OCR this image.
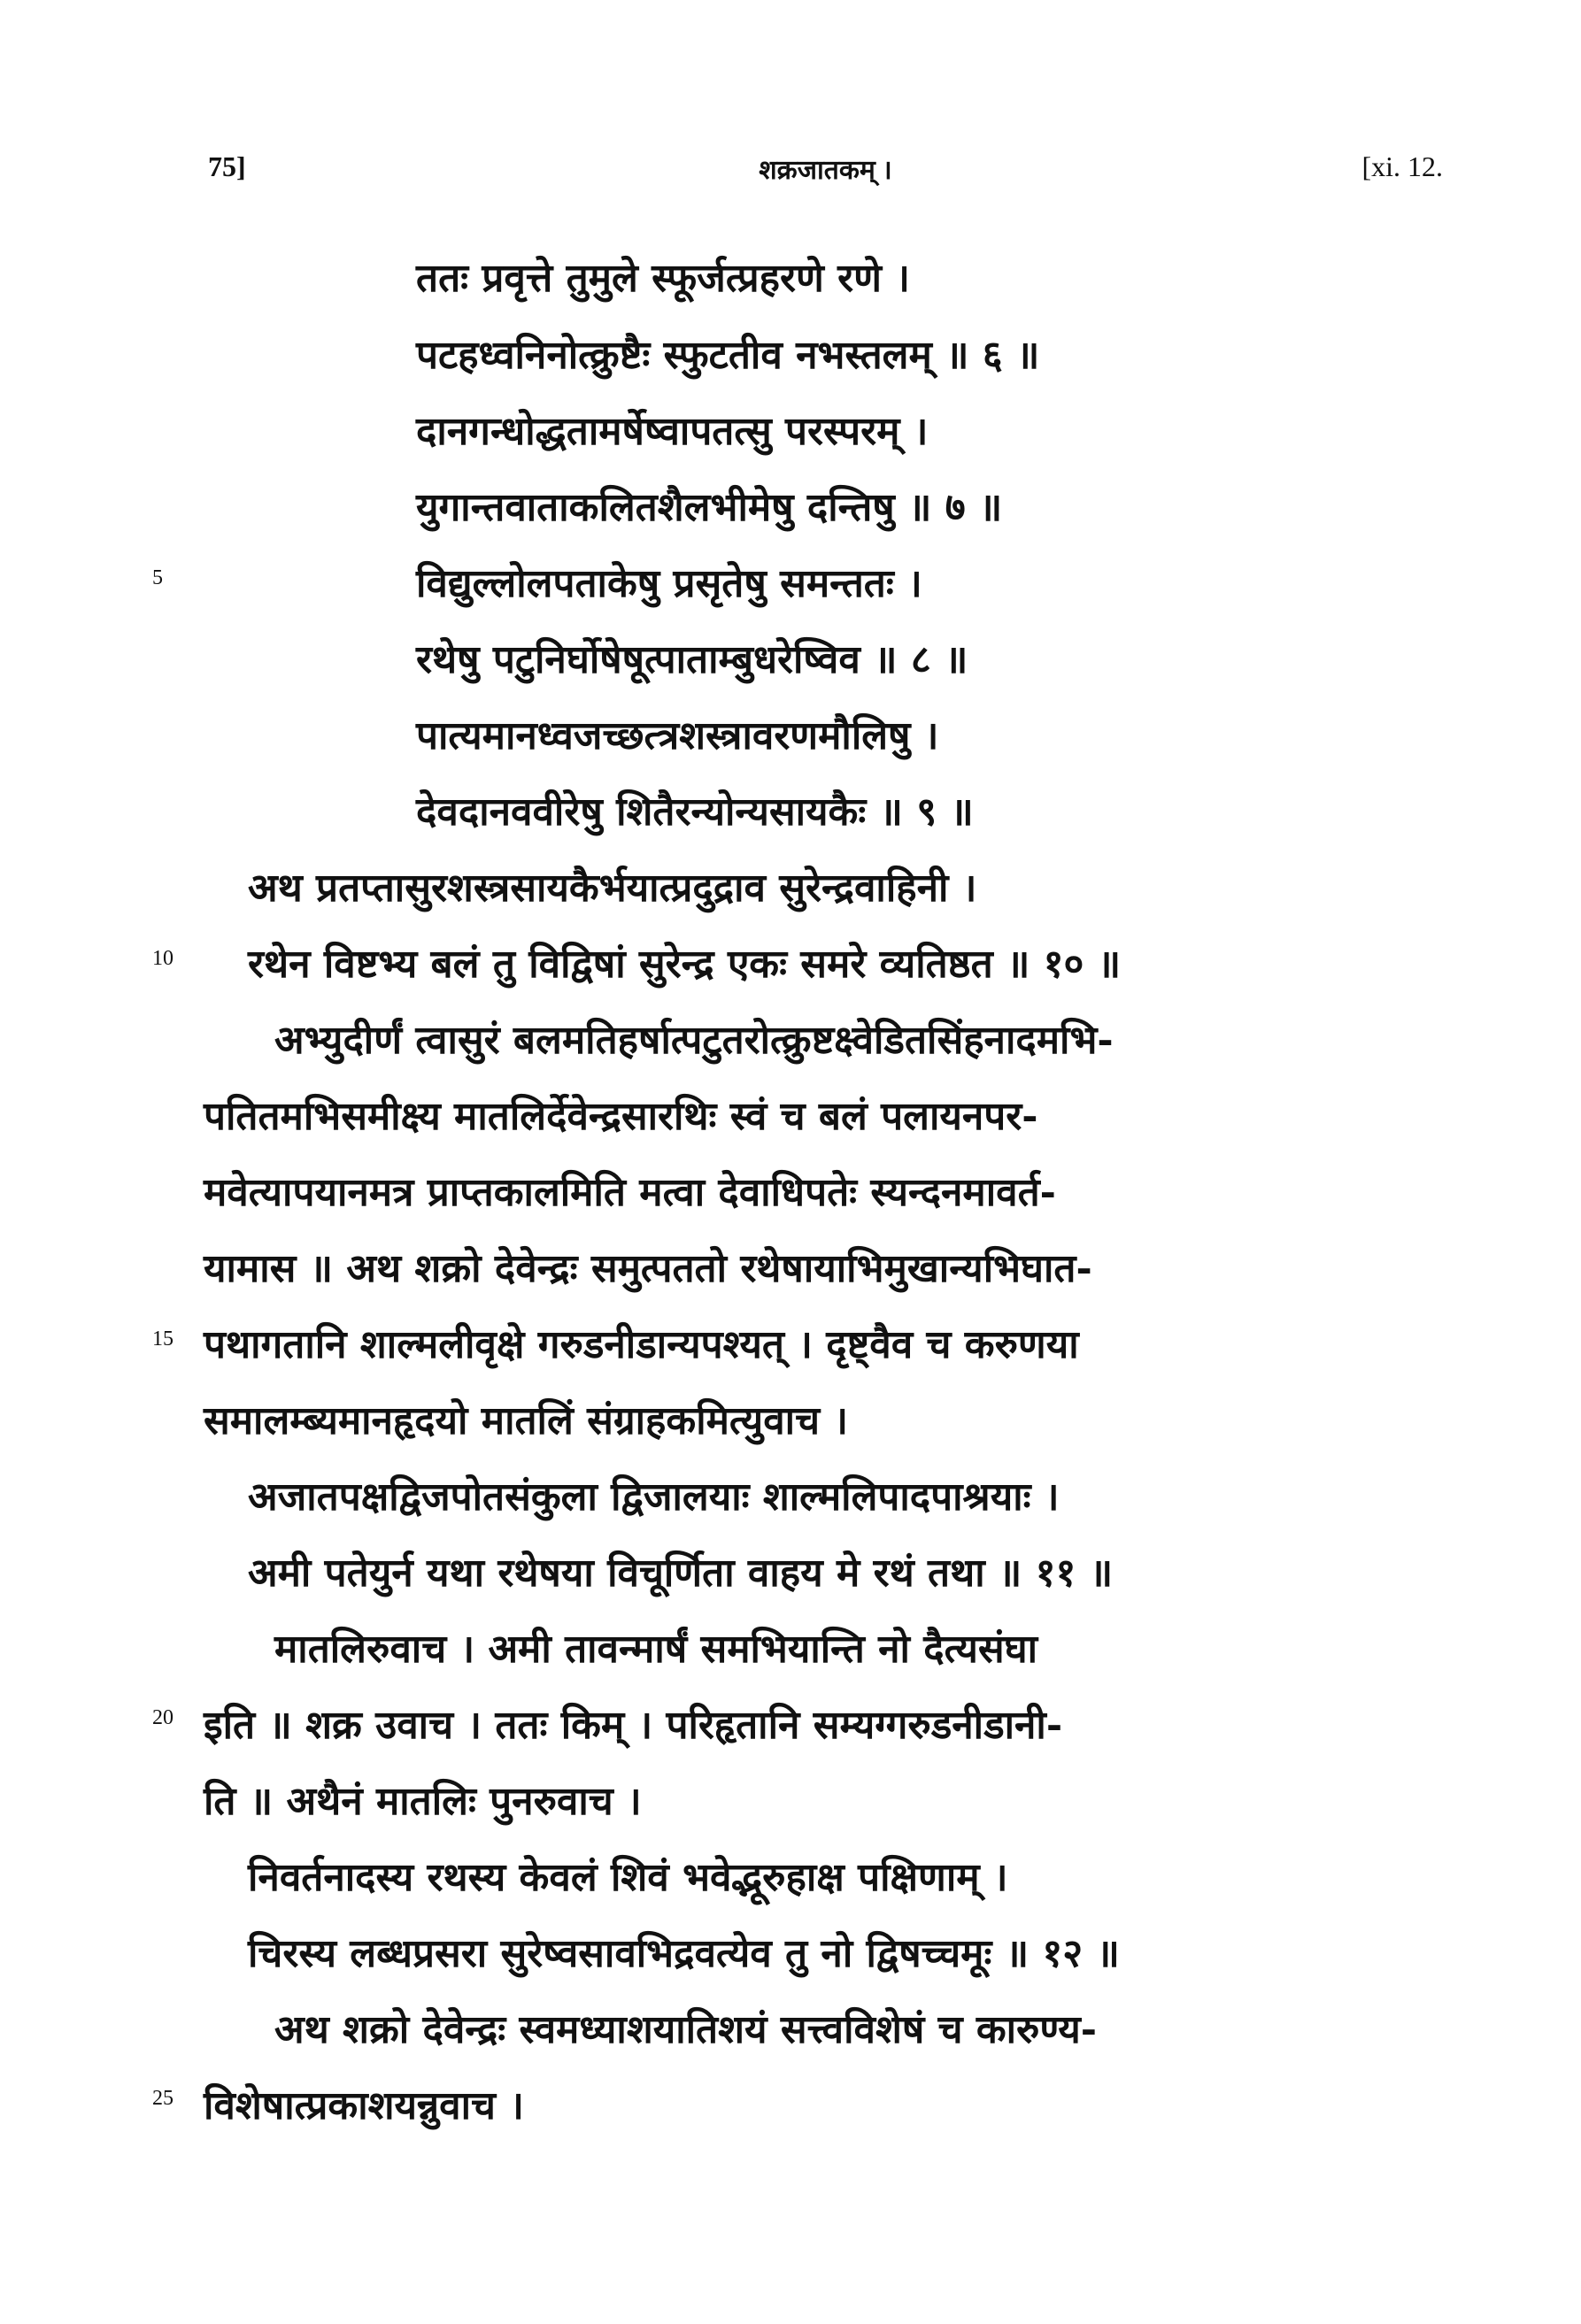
75]	शक्रजातकम् ।	[xi. 12.
5
10
15
20
25
ततः प्रवृत्ते तुमुले स्फूर्जत्प्रहरणे रणे ।
पटहध्वनिनोत्क्रुष्टैः स्फुटतीव नभस्तलम् ॥ ६ ॥
दानगन्धोद्धतामर्षेष्वापतत्सु परस्परम् ।
युगान्तवाताकलितशैलभीमेषु दन्तिषु ॥ ७ ॥
विद्युल्लोलपताकेषु प्रसृतेषु समन्ततः ।
रथेषु पटुनिर्घोषेषूत्पाताम्बुधरेष्विव ॥ ८ ॥
पात्यमानध्वजच्छत्त्रशस्त्रावरणमौलिषु ।
देवदानववीरेषु शितैरन्योन्यसायकैः ॥ ९ ॥
अथ प्रतप्तासुरशस्त्रसायकैर्भयात्प्रदुद्राव सुरेन्द्रवाहिनी ।
रथेन विष्टभ्य बलं तु विद्विषां सुरेन्द्र एकः समरे व्यतिष्ठत ॥ १० ॥
अभ्युदीर्णं त्वासुरं बलमतिहर्षात्पटुतरोत्क्रुष्टक्ष्वेडितसिंहनादमभि-
पतितमभिसमीक्ष्य मातलिर्देवेन्द्रसारथिः स्वं च बलं पलायनपर-
मवेत्यापयानमत्र प्राप्तकालमिति मत्वा देवाधिपतेः स्यन्दनमावर्त-
यामास ॥ अथ शक्रो देवेन्द्रः समुत्पततो रथेषायाभिमुखान्यभिघात-
पथागतानि शाल्मलीवृक्षे गरुडनीडान्यपश्यत् । दृष्ट्वैव च करुणया
समालम्ब्यमानहृदयो मातलिं संग्राहकमित्युवाच ।
अजातपक्षद्विजपोतसंकुला द्विजालयाः शाल्मलिपादपाश्रयाः ।
अमी पतेयुर्न यथा रथेषया विचूर्णिता वाहय मे रथं तथा ॥ ११ ॥
मातलिरुवाच । अमी तावन्मार्षं समभियान्ति नो दैत्यसंघा
इति ॥ शक्र उवाच । ततः किम् । परिहृतानि सम्यग्गरुडनीडानी-
ति ॥ अथैनं मातलिः पुनरुवाच ।
निवर्तनादस्य रथस्य केवलं शिवं भवेद्भूरुहाक्ष पक्षिणाम् ।
चिरस्य लब्धप्रसरा सुरेष्वसावभिद्रवत्येव तु नो द्विषच्चमूः ॥ १२ ॥
अथ शक्रो देवेन्द्रः स्वमध्याशयातिशयं सत्त्वविशेषं च कारुण्य-
विशेषात्प्रकाशयन्नुवाच ।
